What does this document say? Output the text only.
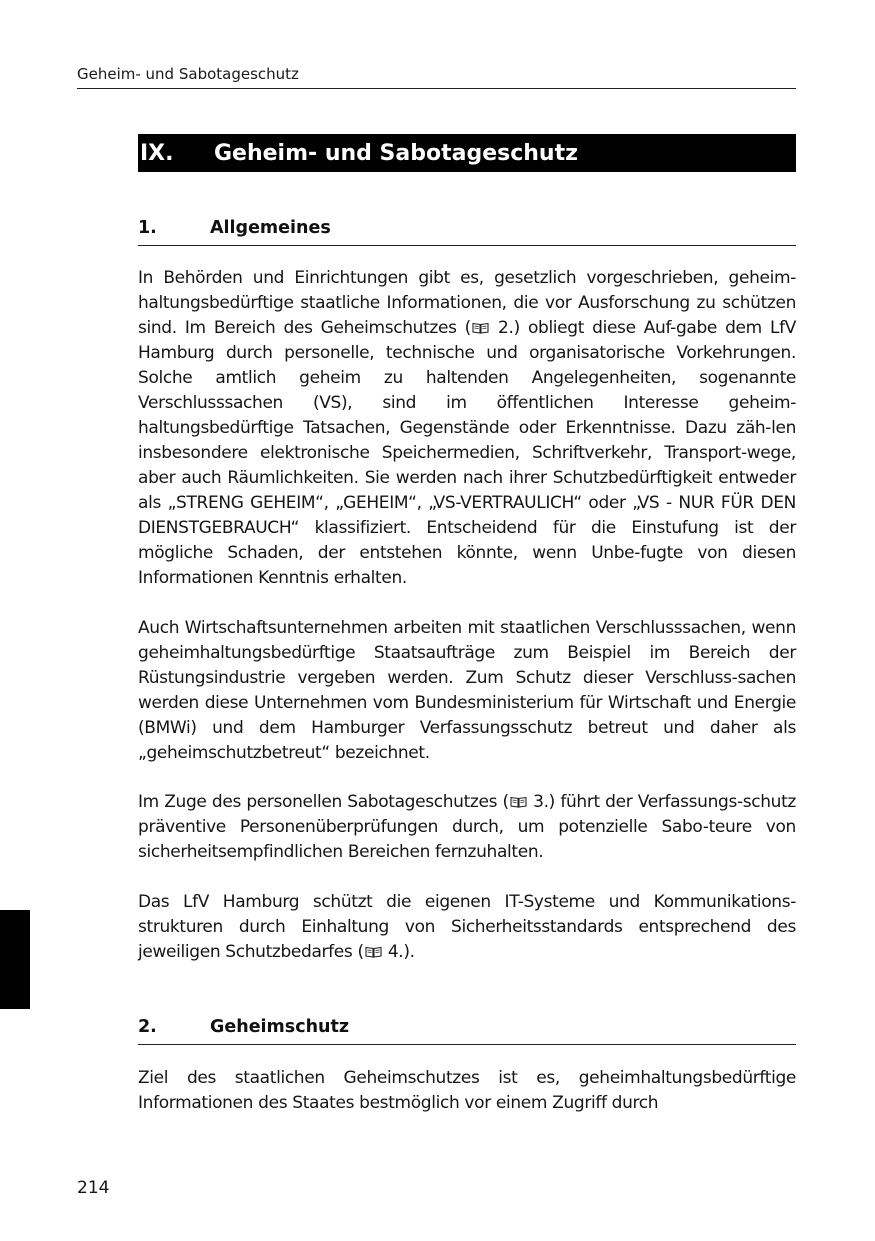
Geheim- und Sabotageschutz
IX.	Geheim- und Sabotageschutz
1.	Allgemeines

In Behörden und Einrichtungen gibt es, gesetzlich vorgeschrieben, geheim-haltungsbedürftige staatliche Informationen, die vor Ausforschung zu schützen sind. Im Bereich des Geheimschutzes ( 2.) obliegt diese Auf-gabe dem LfV Hamburg durch personelle, technische und organisatorische Vorkehrungen. Solche amtlich geheim zu haltenden Angelegenheiten, sogenannte Verschlusssachen (VS), sind im öffentlichen Interesse geheim-haltungsbedürftige Tatsachen, Gegenstände oder Erkenntnisse. Dazu zäh-len insbesondere elektronische Speichermedien, Schriftverkehr, Transport-wege, aber auch Räumlichkeiten. Sie werden nach ihrer Schutzbedürftigkeit entweder als „STRENG GEHEIM“, „GEHEIM“, „VS-VERTRAULICH“ oder „VS - NUR FÜR DEN DIENSTGEBRAUCH“ klassifiziert. Entscheidend für die Einstufung ist der mögliche Schaden, der entstehen könnte, wenn Unbe-fugte von diesen Informationen Kenntnis erhalten.

Auch Wirtschaftsunternehmen arbeiten mit staatlichen Verschlusssachen, wenn geheimhaltungsbedürftige Staatsaufträge zum Beispiel im Bereich der Rüstungsindustrie vergeben werden. Zum Schutz dieser Verschluss-sachen werden diese Unternehmen vom Bundesministerium für Wirtschaft und Energie (BMWi) und dem Hamburger Verfassungsschutz betreut und daher als „geheimschutzbetreut“ bezeichnet.

Im Zuge des personellen Sabotageschutzes ( 3.) führt der Verfassungs-schutz präventive Personenüberprüfungen durch, um potenzielle Sabo-teure von sicherheitsempfindlichen Bereichen fernzuhalten.

Das LfV Hamburg schützt die eigenen IT-Systeme und Kommunikations-strukturen durch Einhaltung von Sicherheitsstandards entsprechend des jeweiligen Schutzbedarfes ( 4.).

2.	Geheimschutz

Ziel des staatlichen Geheimschutzes ist es, geheimhaltungsbedürftige Informationen des Staates bestmöglich vor einem Zugriff durch

214
